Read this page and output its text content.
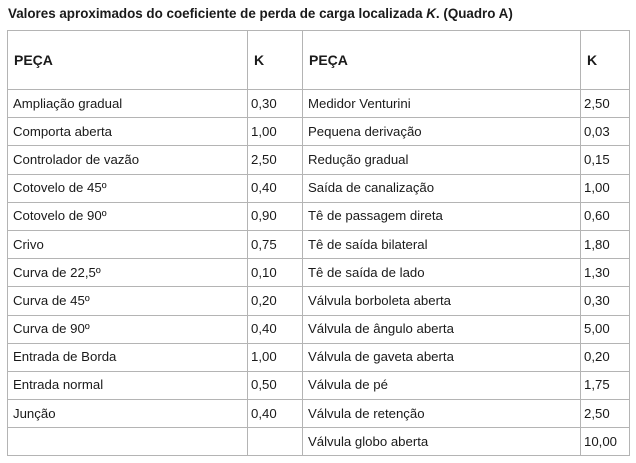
Valores aproximados do coeficiente de perda de carga localizada K. (Quadro A)
PEÇA	K	PEÇA	K
Ampliação gradual	0,30	Medidor Venturini	2,50
Comporta aberta	1,00	Pequena derivação	0,03
Controlador de vazão	2,50	Redução gradual	0,15
Cotovelo de 45º	0,40	Saída de canalização	1,00
Cotovelo de 90º	0,90	Tê de passagem direta	0,60
Crivo	0,75	Tê de saída bilateral	1,80
Curva de 22,5º	0,10	Tê de saída de lado	1,30
Curva de 45º	0,20	Válvula borboleta aberta	0,30
Curva de 90º	0,40	Válvula de ângulo aberta	5,00
Entrada de Borda	1,00	Válvula de gaveta aberta	0,20
Entrada normal	0,50	Válvula de pé	1,75
Junção	0,40	Válvula de retenção	2,50
		Válvula globo aberta	10,00
